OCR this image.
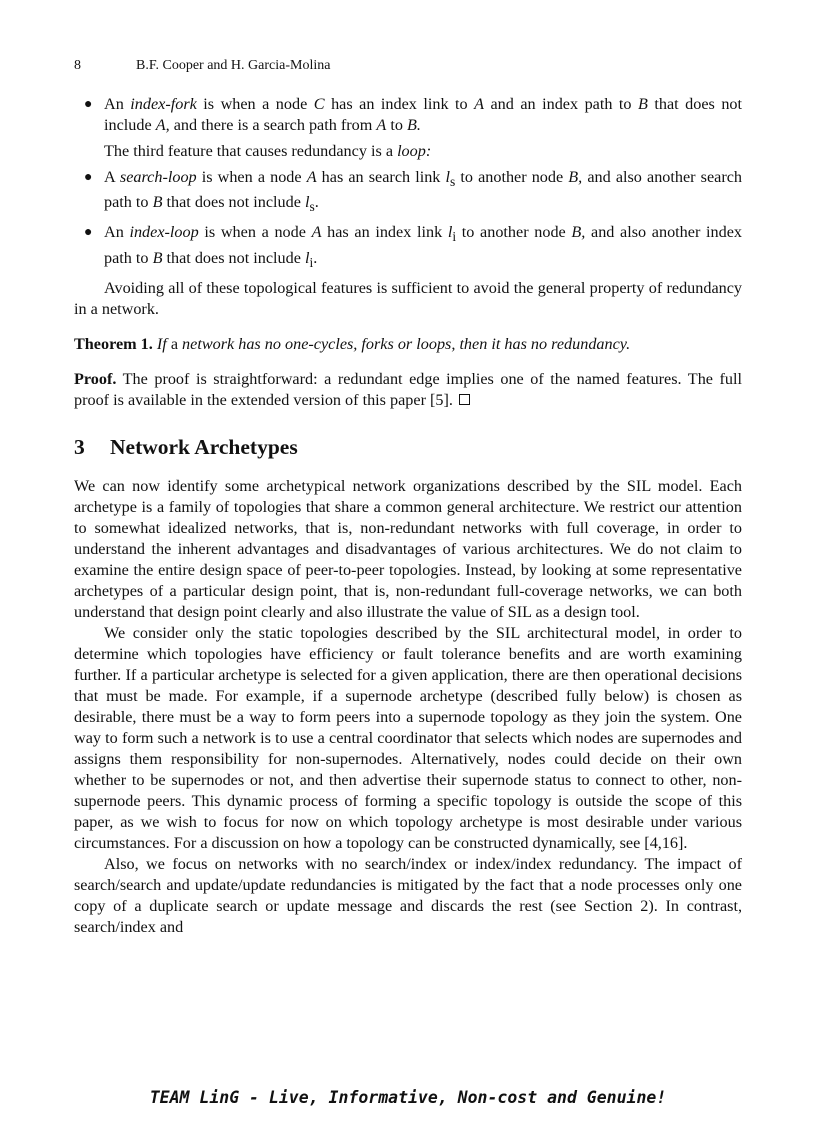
8	B.F. Cooper and H. Garcia-Molina
● An index-fork is when a node C has an index link to A and an index path to B that does not include A, and there is a search path from A to B.

The third feature that causes redundancy is a loop:

● A search-loop is when a node A has an search link $l_s$ to another node B, and also another search path to B that does not include $l_s$.
● An index-loop is when a node A has an index link $l_i$ to another node B, and also another index path to B that does not include $l_i$.

Avoiding all of these topological features is sufficient to avoid the general property of redundancy in a network.

Theorem 1. If a network has no one-cycles, forks or loops, then it has no redundancy.

Proof. The proof is straightforward: a redundant edge implies one of the named features. The full proof is available in the extended version of this paper [5].

3 Network Archetypes

We can now identify some archetypical network organizations described by the SIL model. Each archetype is a family of topologies that share a common general architecture. We restrict our attention to somewhat idealized networks, that is, non-redundant networks with full coverage, in order to understand the inherent advantages and disadvantages of various architectures. We do not claim to examine the entire design space of peer-to-peer topologies. Instead, by looking at some representative archetypes of a particular design point, that is, non-redundant full-coverage networks, we can both understand that design point clearly and also illustrate the value of SIL as a design tool.

We consider only the static topologies described by the SIL architectural model, in order to determine which topologies have efficiency or fault tolerance benefits and are worth examining further. If a particular archetype is selected for a given application, there are then operational decisions that must be made. For example, if a supernode archetype (described fully below) is chosen as desirable, there must be a way to form peers into a supernode topology as they join the system. One way to form such a network is to use a central coordinator that selects which nodes are supernodes and assigns them responsibility for non-supernodes. Alternatively, nodes could decide on their own whether to be supernodes or not, and then advertise their supernode status to connect to other, non-supernode peers. This dynamic process of forming a specific topology is outside the scope of this paper, as we wish to focus for now on which topology archetype is most desirable under various circumstances. For a discussion on how a topology can be constructed dynamically, see [4,16].

Also, we focus on networks with no search/index or index/index redundancy. The impact of search/search and update/update redundancies is mitigated by the fact that a node processes only one copy of a duplicate search or update message and discards the rest (see Section 2). In contrast, search/index and

TEAM LinG - Live, Informative, Non-cost and Genuine!
